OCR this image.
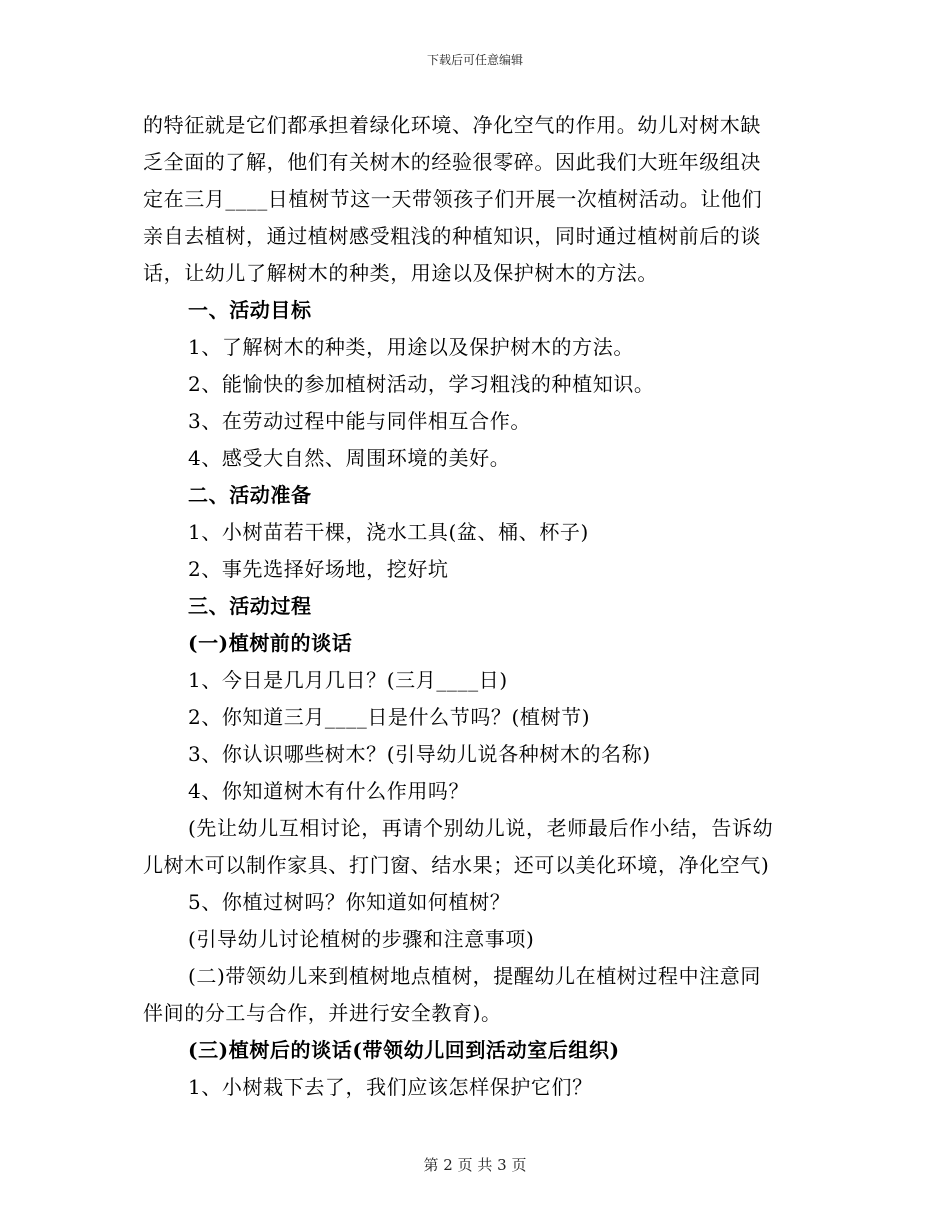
下载后可任意编辑
的特征就是它们都承担着绿化环境、净化空气的作用。幼儿对树木缺
乏全面的了解，他们有关树木的经验很零碎。因此我们大班年级组决
定在三月____日植树节这一天带领孩子们开展一次植树活动。让他们
亲自去植树，通过植树感受粗浅的种植知识，同时通过植树前后的谈
话，让幼儿了解树木的种类，用途以及保护树木的方法。
一、活动目标
1、了解树木的种类，用途以及保护树木的方法。
2、能愉快的参加植树活动，学习粗浅的种植知识。
3、在劳动过程中能与同伴相互合作。
4、感受大自然、周围环境的美好。
二、活动准备
1、小树苗若干棵，浇水工具(盆、桶、杯子)
2、事先选择好场地，挖好坑
三、活动过程
(一)植树前的谈话
1、今日是几月几日？(三月____日)
2、你知道三月____日是什么节吗？(植树节)
3、你认识哪些树木？(引导幼儿说各种树木的名称)
4、你知道树木有什么作用吗？
(先让幼儿互相讨论，再请个别幼儿说，老师最后作小结，告诉幼
儿树木可以制作家具、打门窗、结水果；还可以美化环境，净化空气)
5、你植过树吗？你知道如何植树？
(引导幼儿讨论植树的步骤和注意事项)
(二)带领幼儿来到植树地点植树，提醒幼儿在植树过程中注意同
伴间的分工与合作，并进行安全教育)。
(三)植树后的谈话(带领幼儿回到活动室后组织)
1、小树栽下去了，我们应该怎样保护它们？
第 2 页 共 3 页
